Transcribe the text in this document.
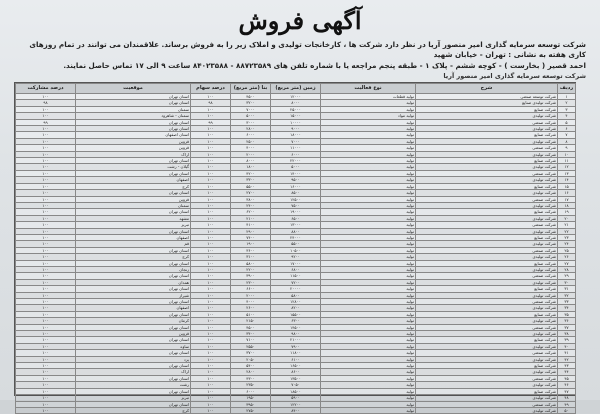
آگهی فروش
شرکت توسعه سرمایه گذاری امیر منصور آریا در نظر دارد شرکت ها ، کارخانجات تولیدی و املاک زیر را به فروش برساند. علاقمندان می توانند در تمام روزهای کاری هفته به نشانی : تهران - خیابان شهید
احمد قصیر ( بخارست ) - کوچه ششم - پلاک ۱ - طبقه پنجم مراجعه یا با شماره تلفن های ۸۸۷۲۳۵۸۹ - ۸۴۰۲۳۵۸۸ ساعت ۹ الی ۱۷ تماس حاصل نمایند.
شرکت توسعه سرمایه گذاری امیر منصور آریا
ردیف	شرح	نوع فعالیت	زمین (متر مربع)	بنا (متر مربع)	درصد سهام	موقعیت	درصد مشارکت
۱	شرکت توسعه صنعتی	تولید قطعات	۱۲۰۰۰	۴۵۰۰	۱۰۰	استان تهران	۱۰۰
۲	شرکت تولیدی صنایع	تولید	۸۰۰۰	۳۲۰۰	۹۸	استان تهران	۹۸
۳	شرکت صنایع	تولید	۲۵۰۰۰	۷۰۰۰	۱۰۰	سمنان	۱۰۰
۴	شرکت تولیدی	تولید مواد	۱۵۰۰۰	۵۰۰۰	۱۰۰	سمنان - شاهرود	۱۰۰
۵	شرکت صنعتی	تولید	۱۰۰۰۰	۳۰۰۰	۹۹	استان تهران	۹۹
۶	شرکت تولیدی	تولید	۹۰۰۰	۲۸۰۰	۱۰۰	استان تهران	۱۰۰
۷	شرکت صنایع	تولید	۱۸۰۰۰	۶۰۰۰	۱۰۰	استان اصفهان	۱۰۰
۸	شرکت تولیدی	تولید	۷۰۰۰	۲۵۰۰	۱۰۰	قزوین	۱۰۰
۹	شرکت صنعتی	تولید	۱۱۰۰۰	۴۰۰۰	۱۰۰	قزوین	۱۰۰
۱۰	شرکت تولیدی	تولید	۶۰۰۰	۲۰۰۰	۱۰۰	اراک	۱۰۰
۱۱	شرکت صنایع	تولید	۲۲۰۰۰	۸۰۰۰	۱۰۰	استان تهران	۱۰۰
۱۲	شرکت تولیدی	تولید	۵۰۰۰	۱۸۰۰	۱۰۰	گیلان - رشت	۱۰۰
۱۳	شرکت صنعتی	تولید	۱۴۰۰۰	۴۲۰۰	۱۰۰	استان تهران	۱۰۰
۱۴	شرکت تولیدی	تولید	۹۵۰۰	۳۳۰۰	۱۰۰	اصفهان	۱۰۰
۱۵	شرکت صنایع	تولید	۱۶۰۰۰	۵۵۰۰	۱۰۰	کرج	۱۰۰
۱۶	شرکت تولیدی	تولید	۸۵۰۰	۲۷۰۰	۱۰۰	استان تهران	۱۰۰
۱۷	شرکت صنعتی	تولید	۱۲۵۰۰	۳۸۰۰	۱۰۰	قزوین	۱۰۰
۱۸	شرکت تولیدی	تولید	۷۵۰۰	۲۴۰۰	۱۰۰	سمنان	۱۰۰
۱۹	شرکت صنایع	تولید	۱۹۰۰۰	۶۲۰۰	۱۰۰	استان تهران	۱۰۰
۲۰	شرکت تولیدی	تولید	۶۵۰۰	۲۱۰۰	۱۰۰	مشهد	۱۰۰
۲۱	شرکت صنعتی	تولید	۱۳۰۰۰	۴۱۰۰	۱۰۰	تبریز	۱۰۰
۲۲	شرکت تولیدی	تولید	۸۸۰۰	۲۹۰۰	۱۰۰	استان تهران	۱۰۰
۲۳	شرکت صنایع	تولید	۲۴۰۰۰	۷۴۰۰	۱۰۰	اصفهان	۱۰۰
۲۴	شرکت تولیدی	تولید	۵۵۰۰	۱۹۰۰	۱۰۰	قم	۱۰۰
۲۵	شرکت صنعتی	تولید	۱۰۵۰۰	۳۶۰۰	۱۰۰	استان تهران	۱۰۰
۲۶	شرکت تولیدی	تولید	۹۲۰۰	۳۱۰۰	۱۰۰	کرج	۱۰۰
۲۷	شرکت صنایع	تولید	۱۷۰۰۰	۵۸۰۰	۱۰۰	استان تهران	۱۰۰
۲۸	شرکت تولیدی	تولید	۶۸۰۰	۲۲۰۰	۱۰۰	زنجان	۱۰۰
۲۹	شرکت صنعتی	تولید	۱۱۵۰۰	۳۹۰۰	۱۰۰	استان تهران	۱۰۰
۳۰	شرکت تولیدی	تولید	۷۲۰۰	۲۳۰۰	۱۰۰	همدان	۱۰۰
۳۱	شرکت صنایع	تولید	۲۰۰۰۰	۶۶۰۰	۱۰۰	استان تهران	۱۰۰
۳۲	شرکت تولیدی	تولید	۵۸۰۰	۲۰۰۰	۱۰۰	شیراز	۱۰۰
۳۳	شرکت صنعتی	تولید	۱۲۸۰۰	۴۰۰۰	۱۰۰	استان تهران	۱۰۰
۳۴	شرکت تولیدی	تولید	۸۲۰۰	۲۶۰۰	۱۰۰	اصفهان	۱۰۰
۳۵	شرکت صنایع	تولید	۱۵۵۰۰	۵۱۰۰	۱۰۰	استان تهران	۱۰۰
۳۶	شرکت تولیدی	تولید	۶۳۰۰	۲۱۵۰	۱۰۰	کرمان	۱۰۰
۳۷	شرکت صنعتی	تولید	۱۴۵۰۰	۴۵۰۰	۱۰۰	استان تهران	۱۰۰
۳۸	شرکت تولیدی	تولید	۹۸۰۰	۳۴۰۰	۱۰۰	قزوین	۱۰۰
۳۹	شرکت صنایع	تولید	۲۱۰۰۰	۷۱۰۰	۱۰۰	استان تهران	۱۰۰
۴۰	شرکت تولیدی	تولید	۷۹۰۰	۲۵۵۰	۱۰۰	ساوه	۱۰۰
۴۱	شرکت صنعتی	تولید	۱۱۸۰۰	۳۷۰۰	۱۰۰	استان تهران	۱۰۰
۴۲	شرکت تولیدی	تولید	۶۱۰۰	۲۰۵۰	۱۰۰	یزد	۱۰۰
۴۳	شرکت صنایع	تولید	۱۶۵۰۰	۵۴۰۰	۱۰۰	استان تهران	۱۰۰
۴۴	شرکت تولیدی	تولید	۸۶۰۰	۲۸۰۰	۱۰۰	اراک	۱۰۰
۴۵	شرکت صنعتی	تولید	۱۳۵۰۰	۴۳۰۰	۱۰۰	استان تهران	۱۰۰
۴۶	شرکت تولیدی	تولید	۷۰۵۰	۲۳۵۰	۱۰۰	رشت	۱۰۰
۴۷	شرکت صنایع	تولید	۱۸۵۰۰	۶۰۰۰	۱۰۰	استان تهران	۱۰۰
۴۸	شرکت تولیدی	تولید	۵۹۰۰	۱۹۵۰	۱۰۰	تبریز	۱۰۰
۴۹	شرکت صنعتی	تولید	۱۲۲۰۰	۳۹۵۰	۱۰۰	استان تهران	۱۰۰
۵۰	شرکت تولیدی	تولید	۸۴۰۰	۲۷۵۰	۱۰۰	کرج	۱۰۰
